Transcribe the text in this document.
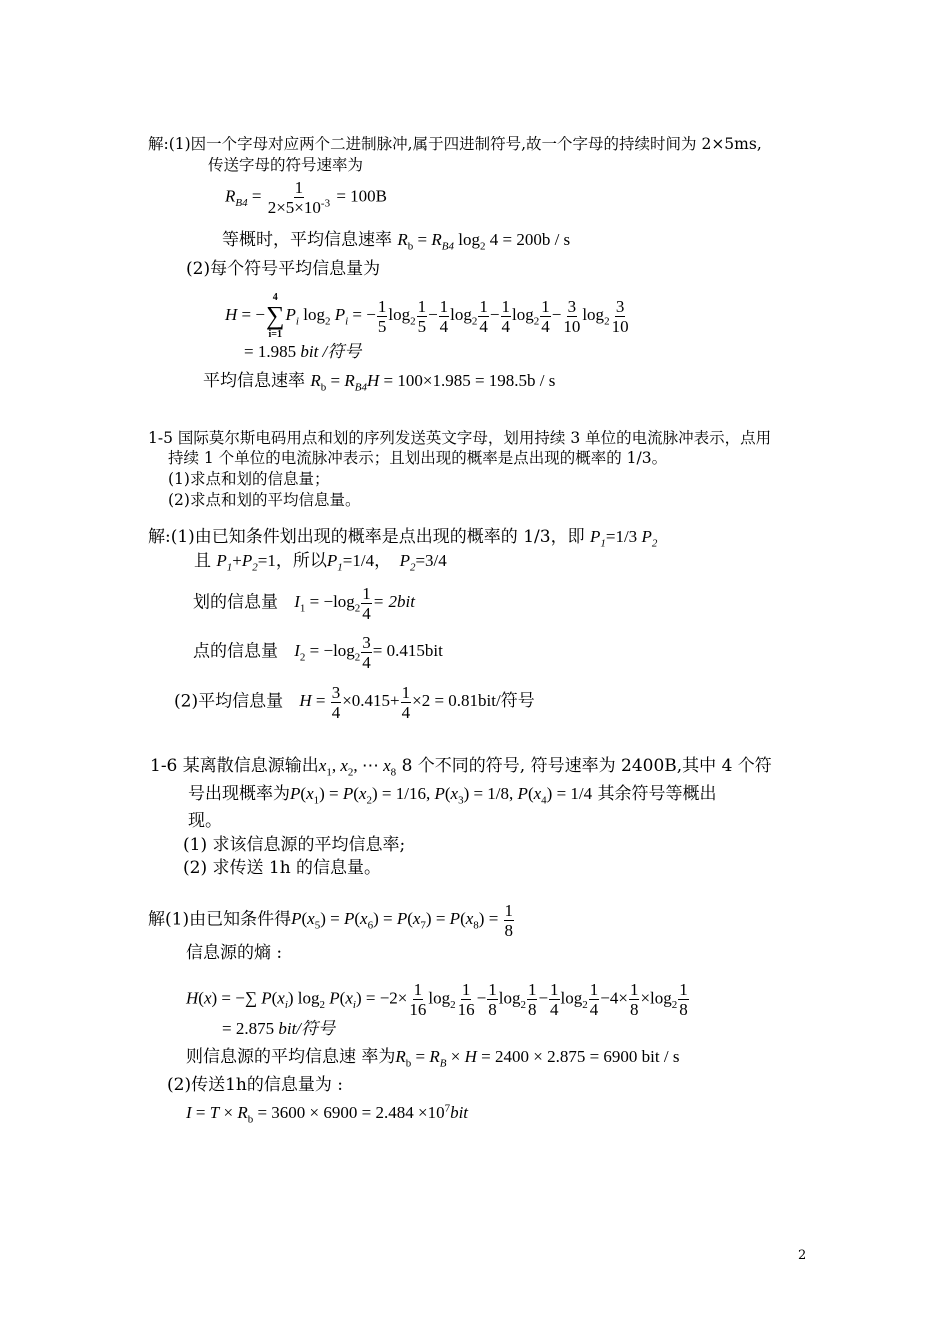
解:(1)因一个字母对应两个二进制脉冲,属于四进制符号,故一个字母的持续时间为 2×5ms,
传送字母的符号速率为
$R_{B4} = \frac{1}{2\times 5\times 10^{-3}} = 100B$
等概时，平均信息速率 $R_b = R_{B4}$ $\log_2 4 = 200b / s$
(2)每个符号平均信息量为
H = −
4
∑
i=1
$P_i$ $\log_2 P_i$ = − $\frac{1}{5} \log_2 \frac{1}{5} - \frac{1}{4} \log_2 \frac{1}{4} - \frac{1}{4} \log_2 \frac{1}{4} - \frac{3}{10} \log_2 \frac{3}{10}$
= 1.985 bit /符号
平均信息速率 $R_b = R_{B4}H = 100\times 1.985 = 198.5b / s$
1-5 国际莫尔斯电码用点和划的序列发送英文字母，划用持续 3 单位的电流脉冲表示，点用
持续 1 个单位的电流脉冲表示；且划出现的概率是点出现的概率的 1/3。
(1)求点和划的信息量；
(2)求点和划的平均信息量。
解:(1)由已知条件划出现的概率是点出现的概率的 1/3，即 $P_1=1/3$ $P_2$
且 $P_1+P_2=1$，所以$P_1=1/4$， $P_2=3/4$
划的信息量 $I_1 = -\log_2 \frac{1}{4} = 2bit$
点的信息量 $I_2 = -\log_2 \frac{3}{4} = 0.415bit$
(2)平均信息量 $H = \frac{3}{4} \times 0.415+ \frac{1}{4} \times 2 = 0.81bit/$符号
1-6 某离散信息源输出$x_1$, $x_2$, ⋯ $x_8$ 8 个不同的符号, 符号速率为 2400B,其中 4 个符
号出现概率为$P(x_1) = P(x_2) = 1/16$, $P(x_3) = 1/8$, $P(x_4) = 1/4$ 其余符号等概出
现。
(1) 求该信息源的平均信息率;
(2) 求传送 1h 的信息量。
解(1)由已知条件得$P(x_5) = P(x_6) = P(x_7) = P(x_8) = \frac{1}{8}$
信息源的熵 :
H(x) = −∑ $P(x_i)$ $\log_2 P(x_i) = -2\times \frac{1}{16} \log_2 \frac{1}{16} - \frac{1}{8} \log_2 \frac{1}{8} - \frac{1}{4} \log_2 \frac{1}{4} -4\times \frac{1}{8} \times\log_2 \frac{1}{8}$
= 2.875 bit/符号
则信息源的平均信息速 率为$R_b = R_B \times H = 2400 \times 2.875 = 6900$ bit / s
(2)传送1h的信息量为 :
$I = T \times R_b = 3600 \times 6900 = 2.484 \times 10^7bit$
2
